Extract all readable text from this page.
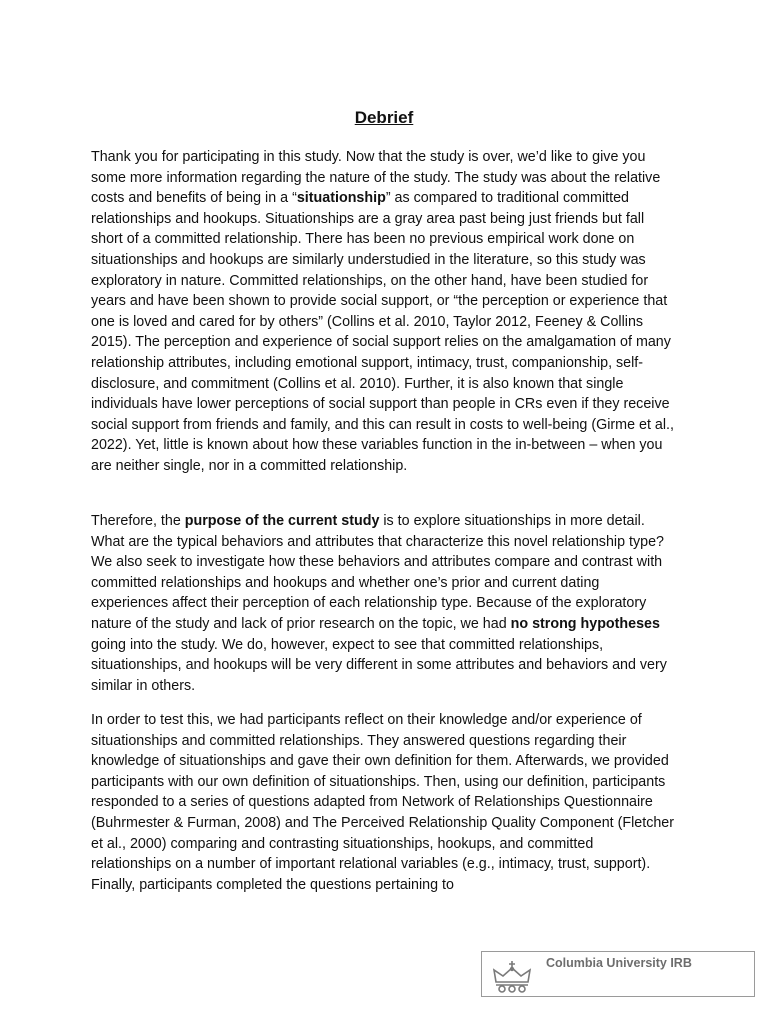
Debrief

Thank you for participating in this study. Now that the study is over, we’d like to give you some more information regarding the nature of the study. The study was about the relative costs and benefits of being in a “situationship” as compared to traditional committed relationships and hookups. Situationships are a gray area past being just friends but fall short of a committed relationship. There has been no previous empirical work done on situationships and hookups are similarly understudied in the literature, so this study was exploratory in nature. Committed relationships, on the other hand, have been studied for years and have been shown to provide social support, or “the perception or experience that one is loved and cared for by others” (Collins et al. 2010, Taylor 2012, Feeney & Collins 2015). The perception and experience of social support relies on the amalgamation of many relationship attributes, including emotional support, intimacy, trust, companionship, self-disclosure, and commitment (Collins et al. 2010). Further, it is also known that single individuals have lower perceptions of social support than people in CRs even if they receive social support from friends and family, and this can result in costs to well-being (Girme et al., 2022). Yet, little is known about how these variables function in the in-between – when you are neither single, nor in a committed relationship.

Therefore, the purpose of the current study is to explore situationships in more detail. What are the typical behaviors and attributes that characterize this novel relationship type? We also seek to investigate how these behaviors and attributes compare and contrast with committed relationships and hookups and whether one’s prior and current dating experiences affect their perception of each relationship type. Because of the exploratory nature of the study and lack of prior research on the topic, we had no strong hypotheses going into the study. We do, however, expect to see that committed relationships, situationships, and hookups will be very different in some attributes and behaviors and very similar in others.

In order to test this, we had participants reflect on their knowledge and/or experience of situationships and committed relationships. They answered questions regarding their knowledge of situationships and gave their own definition for them. Afterwards, we provided participants with our own definition of situationships. Then, using our definition, participants responded to a series of questions adapted from Network of Relationships Questionnaire (Buhrmester & Furman, 2008) and The Perceived Relationship Quality Component (Fletcher et al., 2000) comparing and contrasting situationships, hookups, and committed relationships on a number of important relational variables (e.g., intimacy, trust, support). Finally, participants completed the questions pertaining to

Columbia University IRB
